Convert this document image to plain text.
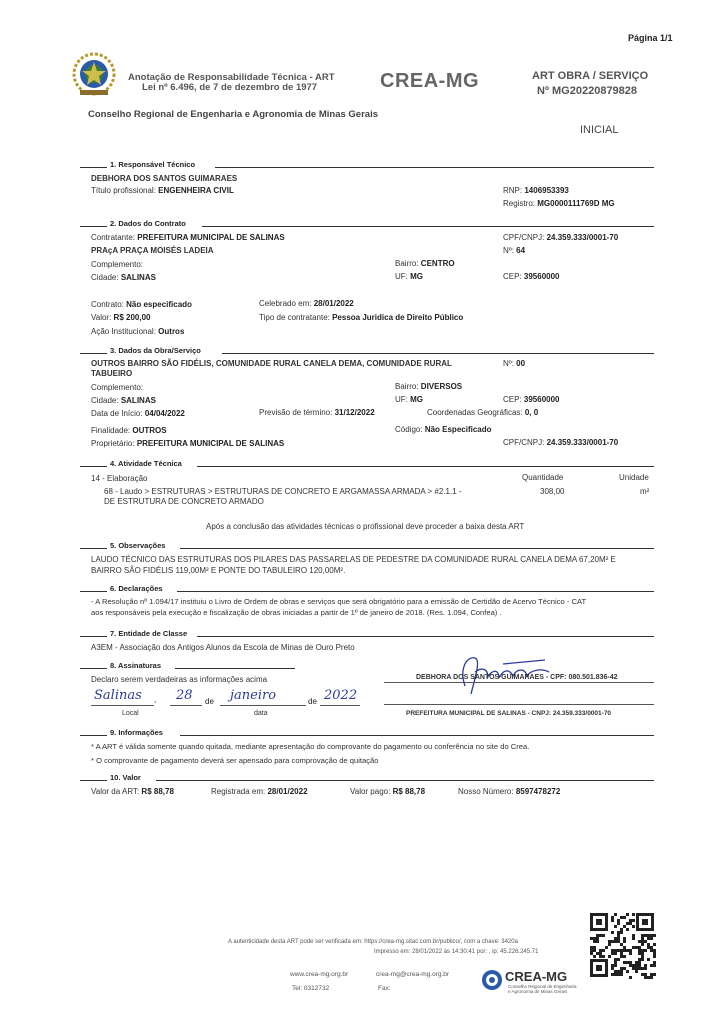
Página 1/1
Anotação de Responsabilidade Técnica - ART
Lei nº 6.496, de 7 de dezembro de 1977	CREA-MG	ART OBRA / SERVIÇO
Nº MG20220879828
Conselho Regional de Engenharia e Agronomia de Minas Gerais
INICIAL
1. Responsável Técnico
DEBHORA DOS SANTOS GUIMARAES
Título profissional: ENGENHEIRA CIVIL	RNP: 1406953393
Registro: MG0000111769D MG
2. Dados do Contrato
Contratante: PREFEITURA MUNICIPAL DE SALINAS	CPF/CNPJ: 24.359.333/0001-70
PRAçA PRAÇA MOISÉS LADEIA	Nº: 64
Complemento:	Bairro: CENTRO
Cidade: SALINAS	UF: MG	CEP: 39560000
Contrato: Não especificado	Celebrado em: 28/01/2022
Valor: R$ 200,00	Tipo de contratante: Pessoa Juridica de Direito Público
Ação Institucional: Outros
3. Dados da Obra/Serviço
OUTROS BAIRRO SÃO FIDÉLIS, COMUNIDADE RURAL CANELA DEMA, COMUNIDADE RURAL
TABUEIRO
Nº: 00
Complemento:	Bairro: DIVERSOS
Cidade: SALINAS	UF: MG	CEP: 39560000
Data de Início: 04/04/2022	Previsão de término: 31/12/2022	Coordenadas Geográficas: 0, 0
Finalidade: OUTROS	Código: Não Especificado
Proprietário: PREFEITURA MUNICIPAL DE SALINAS	CPF/CNPJ: 24.359.333/0001-70
4. Atividade Técnica
14 - Elaboração	Quantidade	Unidade
68 - Laudo > ESTRUTURAS > ESTRUTURAS DE CONCRETO E ARGAMASSA ARMADA > #2.1.1 -
DE ESTRUTURA DE CONCRETO ARMADO
308,00	m²
Após a conclusão das atividades técnicas o profissional deve proceder a baixa desta ART
5. Observações
LAUDO TÉCNICO DAS ESTRUTURAS DOS PILARES DAS PASSARELAS DE PEDESTRE DA COMUNIDADE RURAL CANELA DEMA 67,20M² E
BAIRRO SÃO FIDÉLIS 119,00M² E PONTE DO TABULEIRO 120,00M².
6. Declarações
- A Resolução nº 1.094/17 instituiu o Livro de Ordem de obras e serviços que será obrigatório para a emissão de Certidão de Acervo Técnico - CAT
aos responsáveis pela execução e fiscalização de obras iniciadas a partir de 1º de janeiro de 2018. (Res. 1.094, Confea) .
7. Entidade de Classe
A3EM - Associação dos Antigos Alunos da Escola de Minas de Ouro Preto
8. Assinaturas
Declaro serem verdadeiras as informações acima
Salinas , 28 de janeiro	de 2022
Local	data
DEBHORA DOS SANTOS GUIMARAES - CPF: 080.501.836-42
PREFEITURA MUNICIPAL DE SALINAS - CNPJ: 24.359.333/0001-70
9. Informações
* A ART é válida somente quando quitada, mediante apresentação do comprovante do pagamento ou conferência no site do Crea.
* O comprovante de pagamento deverá ser apensado para comprovação de quitação
10. Valor
Valor da ART: R$ 88,78	Registrada em: 28/01/2022	Valor pago: R$ 88,78	Nosso Número: 8597478272
A autenticidade desta ART pode ser verificada em: https://crea-mg.sitac.com.br/publico/, com a chave: 3420a
Impresso em: 28/01/2022 às 14:30:41 por: , ip: 45.226.245.71
www.crea-mg.org.br	crea-mg@crea-mg.org.br
Tel: 0312732	Fax:
CREA-MG
Conselho Regional de Engenharia
e Agronomia de Minas Gerais
